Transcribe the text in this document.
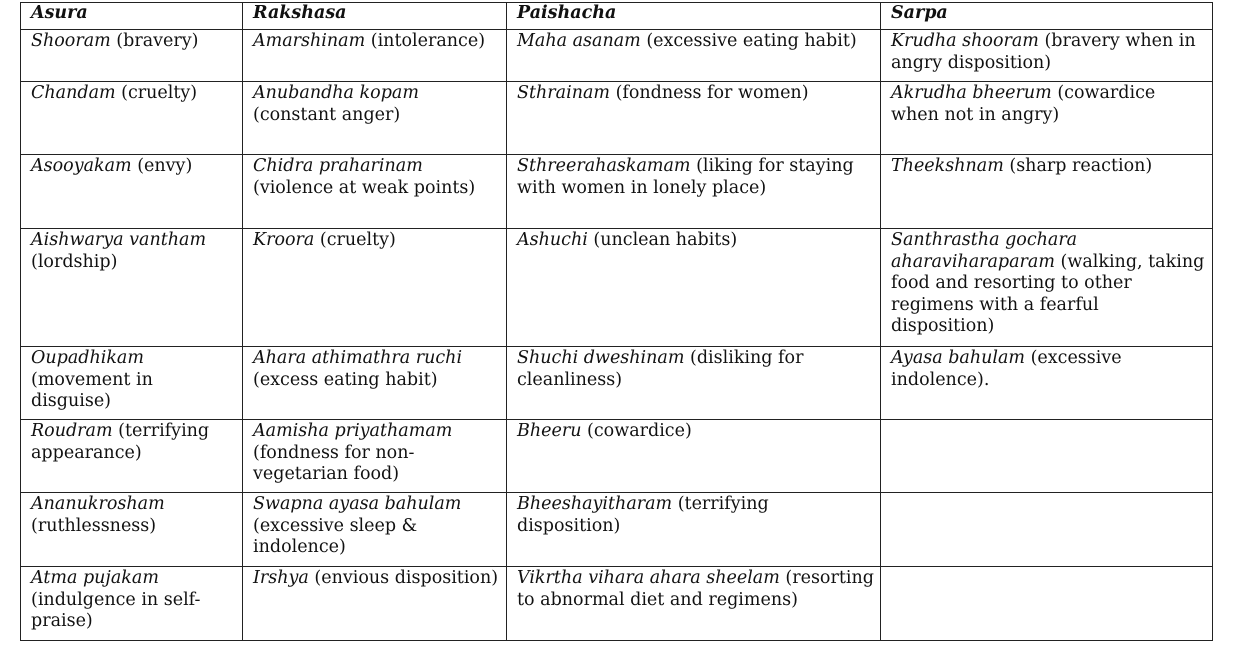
Asura	Rakshasa	Paishacha	Sarpa
Shooram (bravery)	Amarshinam (intolerance)	Maha asanam (excessive eating habit)	Krudha shooram (bravery when in angry disposition)
Chandam (cruelty)	Anubandha kopam (constant anger)	Sthrainam (fondness for women)	Akrudha bheerum (cowardice when not in angry)
Asooyakam (envy)	Chidra praharinam (violence at weak points)	Sthreerahaskamam (liking for staying with women in lonely place)	Theekshnam (sharp reaction)
Aishwarya vantham (lordship)	Kroora (cruelty)	Ashuchi (unclean habits)	Santhrastha gochara aharaviharaparam (walking, taking food and resorting to other regimens with a fearful disposition)
Oupadhikam (movement in disguise)	Ahara athimathra ruchi (excess eating habit)	Shuchi dweshinam (disliking for cleanliness)	Ayasa bahulam (excessive indolence).
Roudram (terrifying appearance)	Aamisha priyathamam (fondness for non-vegetarian food)	Bheeru (cowardice)	
Ananukrosham (ruthlessness)	Swapna ayasa bahulam (excessive sleep & indolence)	Bheeshayitharam (terrifying disposition)	
Atma pujakam (indulgence in self-praise)	Irshya (envious disposition)	Vikrtha vihara ahara sheelam (resorting to abnormal diet and regimens)	
